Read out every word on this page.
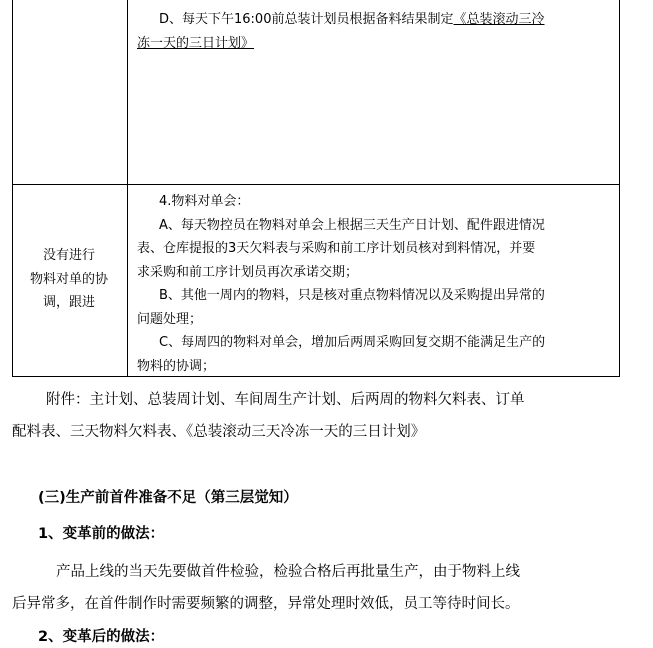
D、每天下午16:00前总装计划员根据备料结果制定《总装滚动三冷

冻一天的三日计划》

没有进行

物料对单的协

调，跟进

4.物料对单会：

A、每天物控员在物料对单会上根据三天生产日计划、配件跟进情况

表、仓库提报的3天欠料表与采购和前工序计划员核对到料情况，并要

求采购和前工序计划员再次承诺交期；

B、其他一周内的物料，只是核对重点物料情况以及采购提出异常的

问题处理；

C、每周四的物料对单会，增加后两周采购回复交期不能满足生产的

物料的协调；

附件：主计划、总装周计划、车间周生产计划、后两周的物料欠料表、订单

配料表、三天物料欠料表、《总装滚动三天冷冻一天的三日计划》

(三)生产前首件准备不足（第三层觉知）
1、变革前的做法：

产品上线的当天先要做首件检验，检验合格后再批量生产，由于物料上线

后异常多，在首件制作时需要频繁的调整，异常处理时效低，员工等待时间长。

2、变革后的做法：
